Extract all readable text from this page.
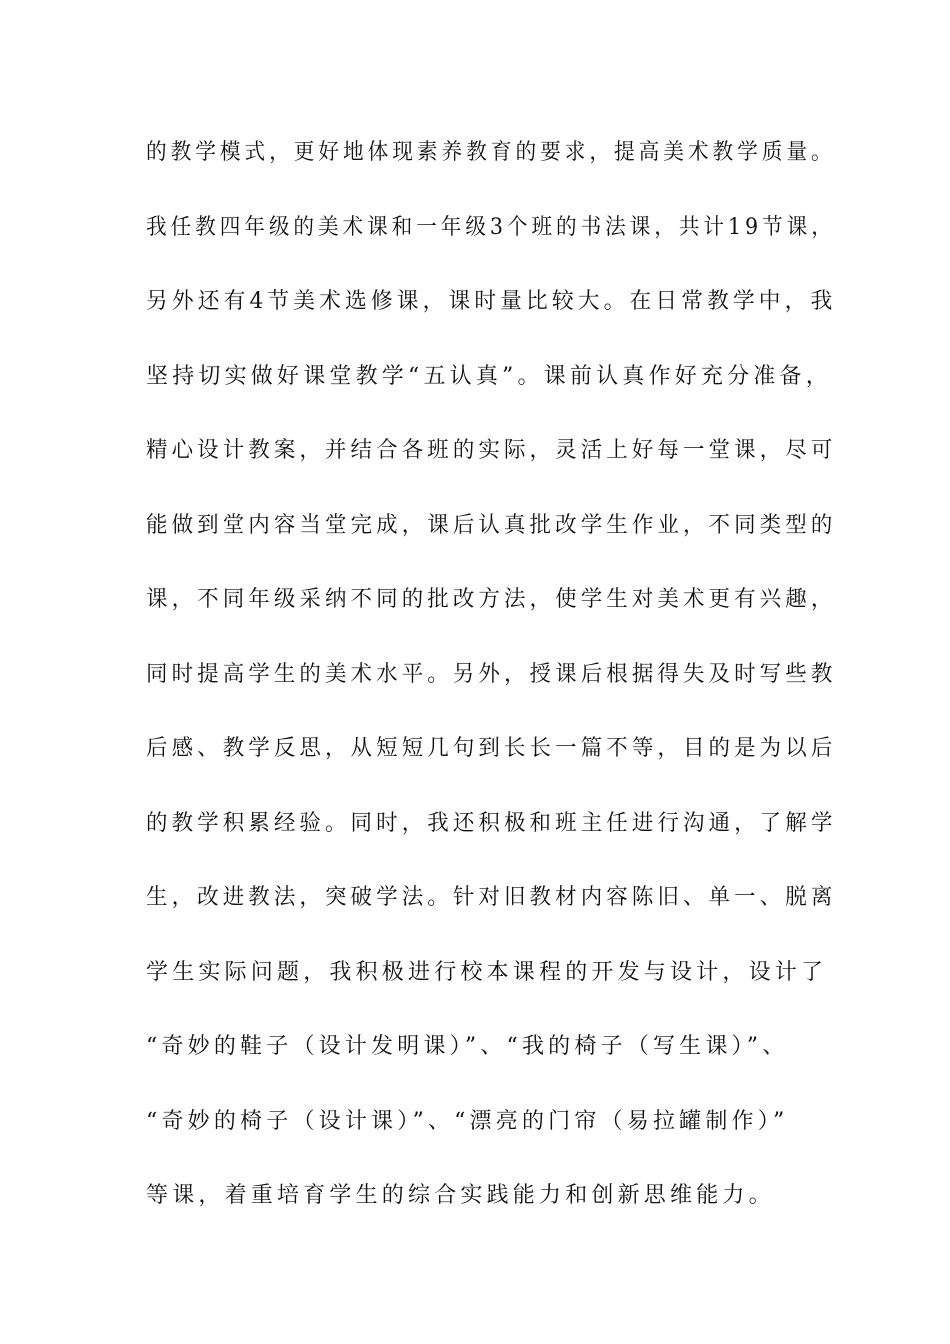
的教学模式，更好地体现素养教育的要求，提高美术教学质量。
我任教四年级的美术课和一年级3个班的书法课，共计19节课，
另外还有4节美术选修课，课时量比较大。在日常教学中，我
坚持切实做好课堂教学“五认真”。课前认真作好充分准备，
精心设计教案，并结合各班的实际，灵活上好每一堂课，尽可
能做到堂内容当堂完成，课后认真批改学生作业，不同类型的
课，不同年级采纳不同的批改方法，使学生对美术更有兴趣，
同时提高学生的美术水平。另外，授课后根据得失及时写些教
后感、教学反思，从短短几句到长长一篇不等，目的是为以后
的教学积累经验。同时，我还积极和班主任进行沟通，了解学
生，改进教法，突破学法。针对旧教材内容陈旧、单一、脱离
学生实际问题，我积极进行校本课程的开发与设计，设计了
“奇妙的鞋子（设计发明课）”、“我的椅子（写生课）”、
“奇妙的椅子（设计课）”、“漂亮的门帘（易拉罐制作）”
等课，着重培育学生的综合实践能力和创新思维能力。
